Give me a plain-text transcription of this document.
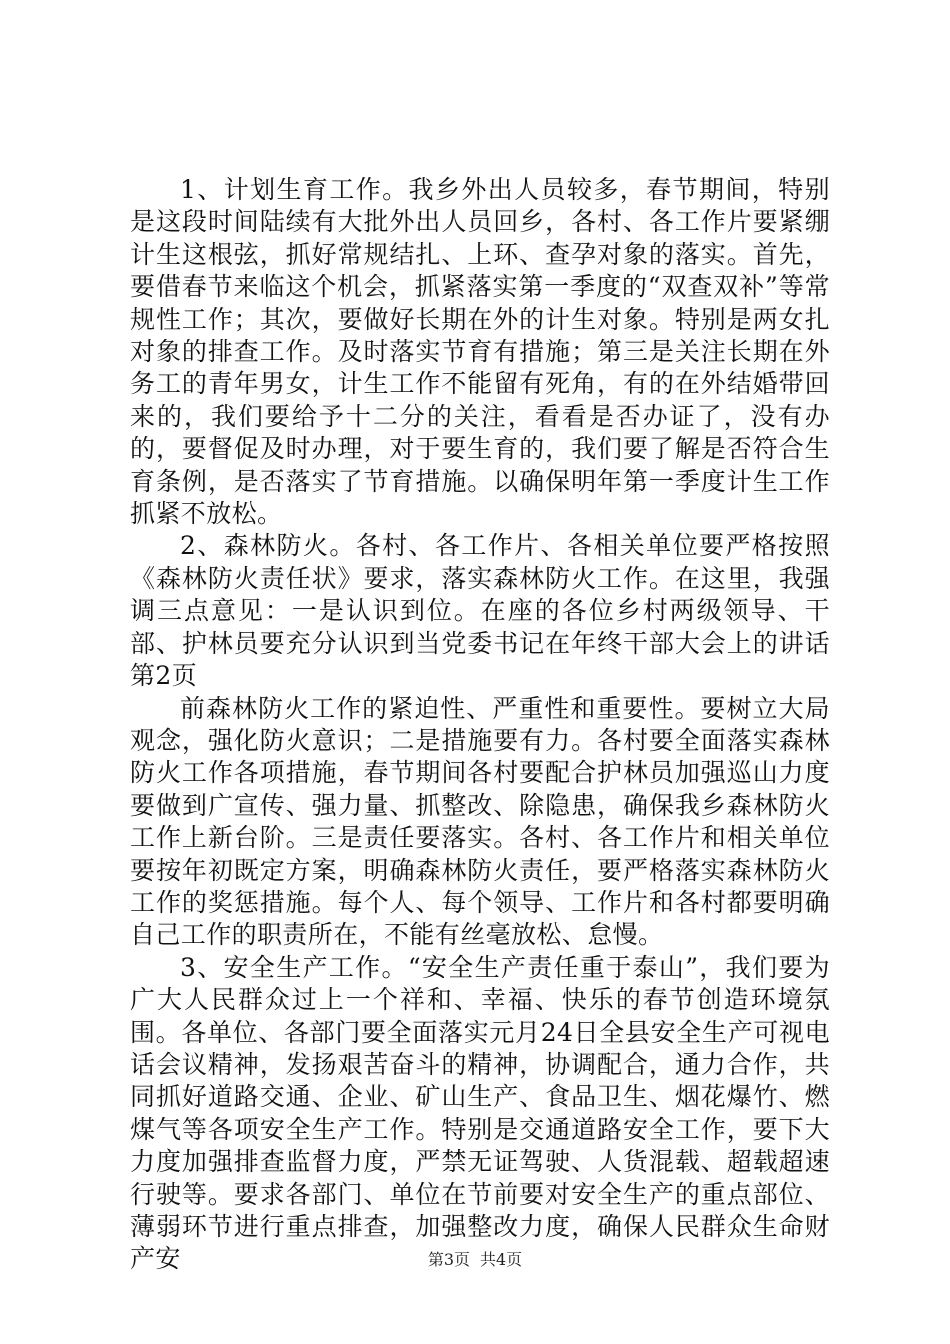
1、计划生育工作。我乡外出人员较多，春节期间，特别是这段时间陆续有大批外出人员回乡，各村、各工作片要紧绷计生这根弦，抓好常规结扎、上环、查孕对象的落实。首先，要借春节来临这个机会，抓紧落实第一季度的“双查双补”等常规性工作；其次，要做好长期在外的计生对象。特别是两女扎对象的排查工作。及时落实节育有措施；第三是关注长期在外务工的青年男女，计生工作不能留有死角，有的在外结婚带回来的，我们要给予十二分的关注，看看是否办证了，没有办的，要督促及时办理，对于要生育的，我们要了解是否符合生育条例，是否落实了节育措施。以确保明年第一季度计生工作抓紧不放松。

2、森林防火。各村、各工作片、各相关单位要严格按照《森林防火责任状》要求，落实森林防火工作。在这里，我强调三点意见：一是认识到位。在座的各位乡村两级领导、干部、护林员要充分认识到当党委书记在年终干部大会上的讲话第2页

前森林防火工作的紧迫性、严重性和重要性。要树立大局观念，强化防火意识；二是措施要有力。各村要全面落实森林防火工作各项措施，春节期间各村要配合护林员加强巡山力度要做到广宣传、强力量、抓整改、除隐患，确保我乡森林防火工作上新台阶。三是责任要落实。各村、各工作片和相关单位要按年初既定方案，明确森林防火责任，要严格落实森林防火工作的奖惩措施。每个人、每个领导、工作片和各村都要明确自己工作的职责所在，不能有丝毫放松、怠慢。

3、安全生产工作。“安全生产责任重于泰山”，我们要为广大人民群众过上一个祥和、幸福、快乐的春节创造环境氛围。各单位、各部门要全面落实元月24日全县安全生产可视电话会议精神，发扬艰苦奋斗的精神，协调配合，通力合作，共同抓好道路交通、企业、矿山生产、食品卫生、烟花爆竹、燃煤气等各项安全生产工作。特别是交通道路安全工作，要下大力度加强排查监督力度，严禁无证驾驶、人货混载、超载超速行驶等。要求各部门、单位在节前要对安全生产的重点部位、薄弱环节进行重点排查，加强整改力度，确保人民群众生命财产安	第3页 共4页
